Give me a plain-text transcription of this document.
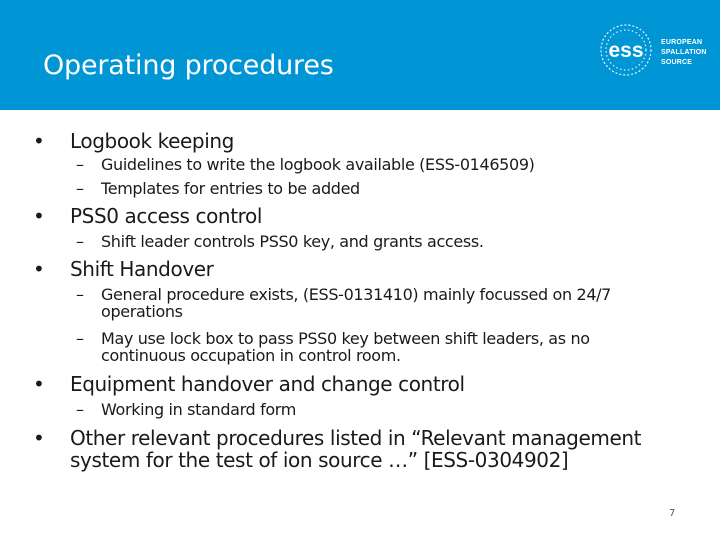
Operating procedures	ess EUROPEAN
SPALLATION
SOURCE
• Logbook keeping
– Guidelines to write the logbook available (ESS-0146509)
– Templates for entries to be added
• PSS0 access control
– Shift leader controls PSS0 key, and grants access.
• Shift Handover
– General procedure exists, (ESS-0131410) mainly focussed on 24/7
operations
– May use lock box to pass PSS0 key between shift leaders, as no
continuous occupation in control room.
• Equipment handover and change control
– Working in standard form
• Other relevant procedures listed in “Relevant management
system for the test of ion source …” [ESS-0304902]
7
